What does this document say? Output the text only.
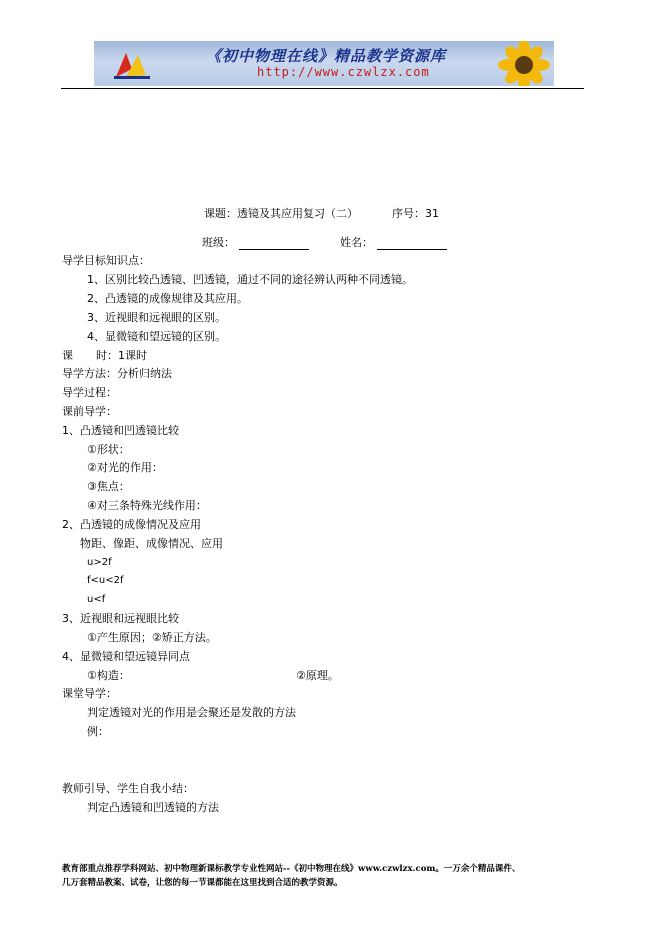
《初中物理在线》精品教学资源库
http://www.czwlzx.com
课题：透镜及其应用复习（二）	序号：31
班级：	姓名：
导学目标知识点：
1、区别比较凸透镜、凹透镜，通过不同的途径辨认两种不同透镜。
2、凸透镜的成像规律及其应用。
3、近视眼和远视眼的区别。
4、显微镜和望远镜的区别。
课 时：1课时
导学方法：分析归纳法
导学过程：
课前导学：
1、凸透镜和凹透镜比较
①形状：
②对光的作用：
③焦点：
④对三条特殊光线作用：
2、凸透镜的成像情况及应用
物距、像距、成像情况、应用
u>2f
f<u<2f
u<f
3、近视眼和远视眼比较
①产生原因；②矫正方法。
4、显微镜和望远镜异同点
①构造：	②原理。
课堂导学：
判定透镜对光的作用是会聚还是发散的方法
例：
教师引导、学生自我小结：
判定凸透镜和凹透镜的方法
教育部重点推荐学科网站、初中物理新课标教学专业性网站--《初中物理在线》www.czwlzx.com。一万余个精品课件、
几万套精品教案、试卷，让您的每一节课都能在这里找到合适的教学资源。
